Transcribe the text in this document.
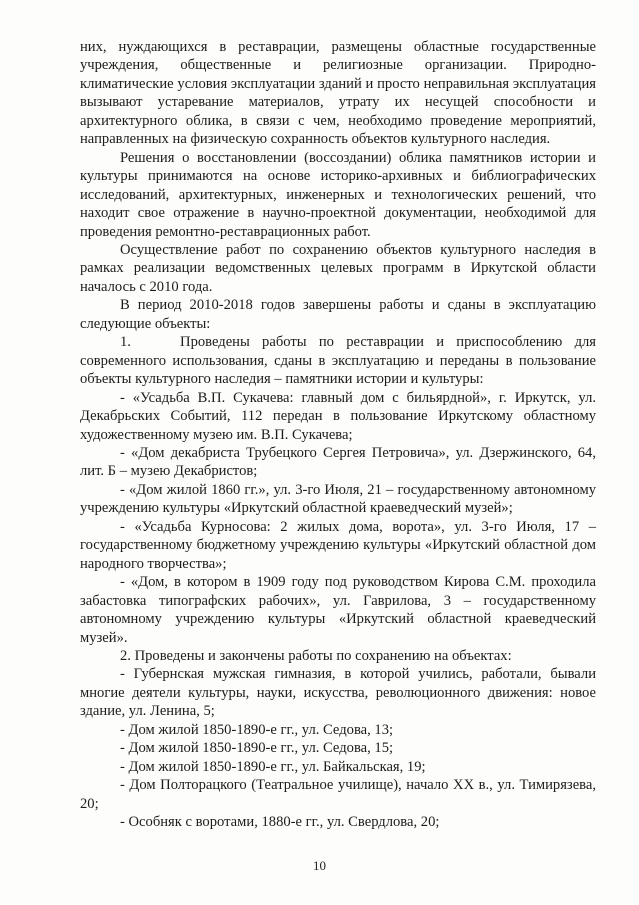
них, нуждающихся в реставрации, размещены областные государственные учреждения, общественные и религиозные организации. Природно-климатические условия эксплуатации зданий и просто неправильная эксплуатация вызывают устаревание материалов, утрату их несущей способности и архитектурного облика, в связи с чем, необходимо проведение мероприятий, направленных на физическую сохранность объектов культурного наследия.

Решения о восстановлении (воссоздании) облика памятников истории и культуры принимаются на основе историко-архивных и библиографических исследований, архитектурных, инженерных и технологических решений, что находит свое отражение в научно-проектной документации, необходимой для проведения ремонтно-реставрационных работ.

Осуществление работ по сохранению объектов культурного наследия в рамках реализации ведомственных целевых программ в Иркутской области началось с 2010 года.

В период 2010-2018 годов завершены работы и сданы в эксплуатацию следующие объекты:

1.    Проведены работы по реставрации и приспособлению для современного использования, сданы в эксплуатацию и переданы в пользование объекты культурного наследия – памятники истории и культуры:

- «Усадьба В.П. Сукачева: главный дом с бильярдной», г. Иркутск, ул. Декабрьских Событий, 112 передан в пользование Иркутскому областному художественному музею им. В.П. Сукачева;

- «Дом декабриста Трубецкого Сергея Петровича», ул. Дзержинского, 64, лит. Б – музею Декабристов;

- «Дом жилой 1860 гг.», ул. 3-го Июля, 21 – государственному автономному учреждению культуры «Иркутский областной краеведческий музей»;

- «Усадьба Курносова: 2 жилых дома, ворота», ул. 3-го Июля, 17 – государственному бюджетному учреждению культуры «Иркутский областной дом народного творчества»;

- «Дом, в котором в 1909 году под руководством Кирова С.М. проходила забастовка типографских рабочих», ул. Гаврилова, 3 – государственному автономному учреждению культуры «Иркутский областной краеведческий музей».

2. Проведены и закончены работы по сохранению на объектах:

- Губернская мужская гимназия, в которой учились, работали, бывали многие деятели культуры, науки, искусства, революционного движения: новое здание, ул. Ленина, 5;

- Дом жилой 1850-1890-е гг., ул. Седова, 13;

- Дом жилой 1850-1890-е гг., ул. Седова, 15;

- Дом жилой 1850-1890-е гг., ул. Байкальская, 19;

- Дом Полторацкого (Театральное училище), начало XX в., ул. Тимирязева, 20;

- Особняк с воротами, 1880-е гг., ул. Свердлова, 20;

10
